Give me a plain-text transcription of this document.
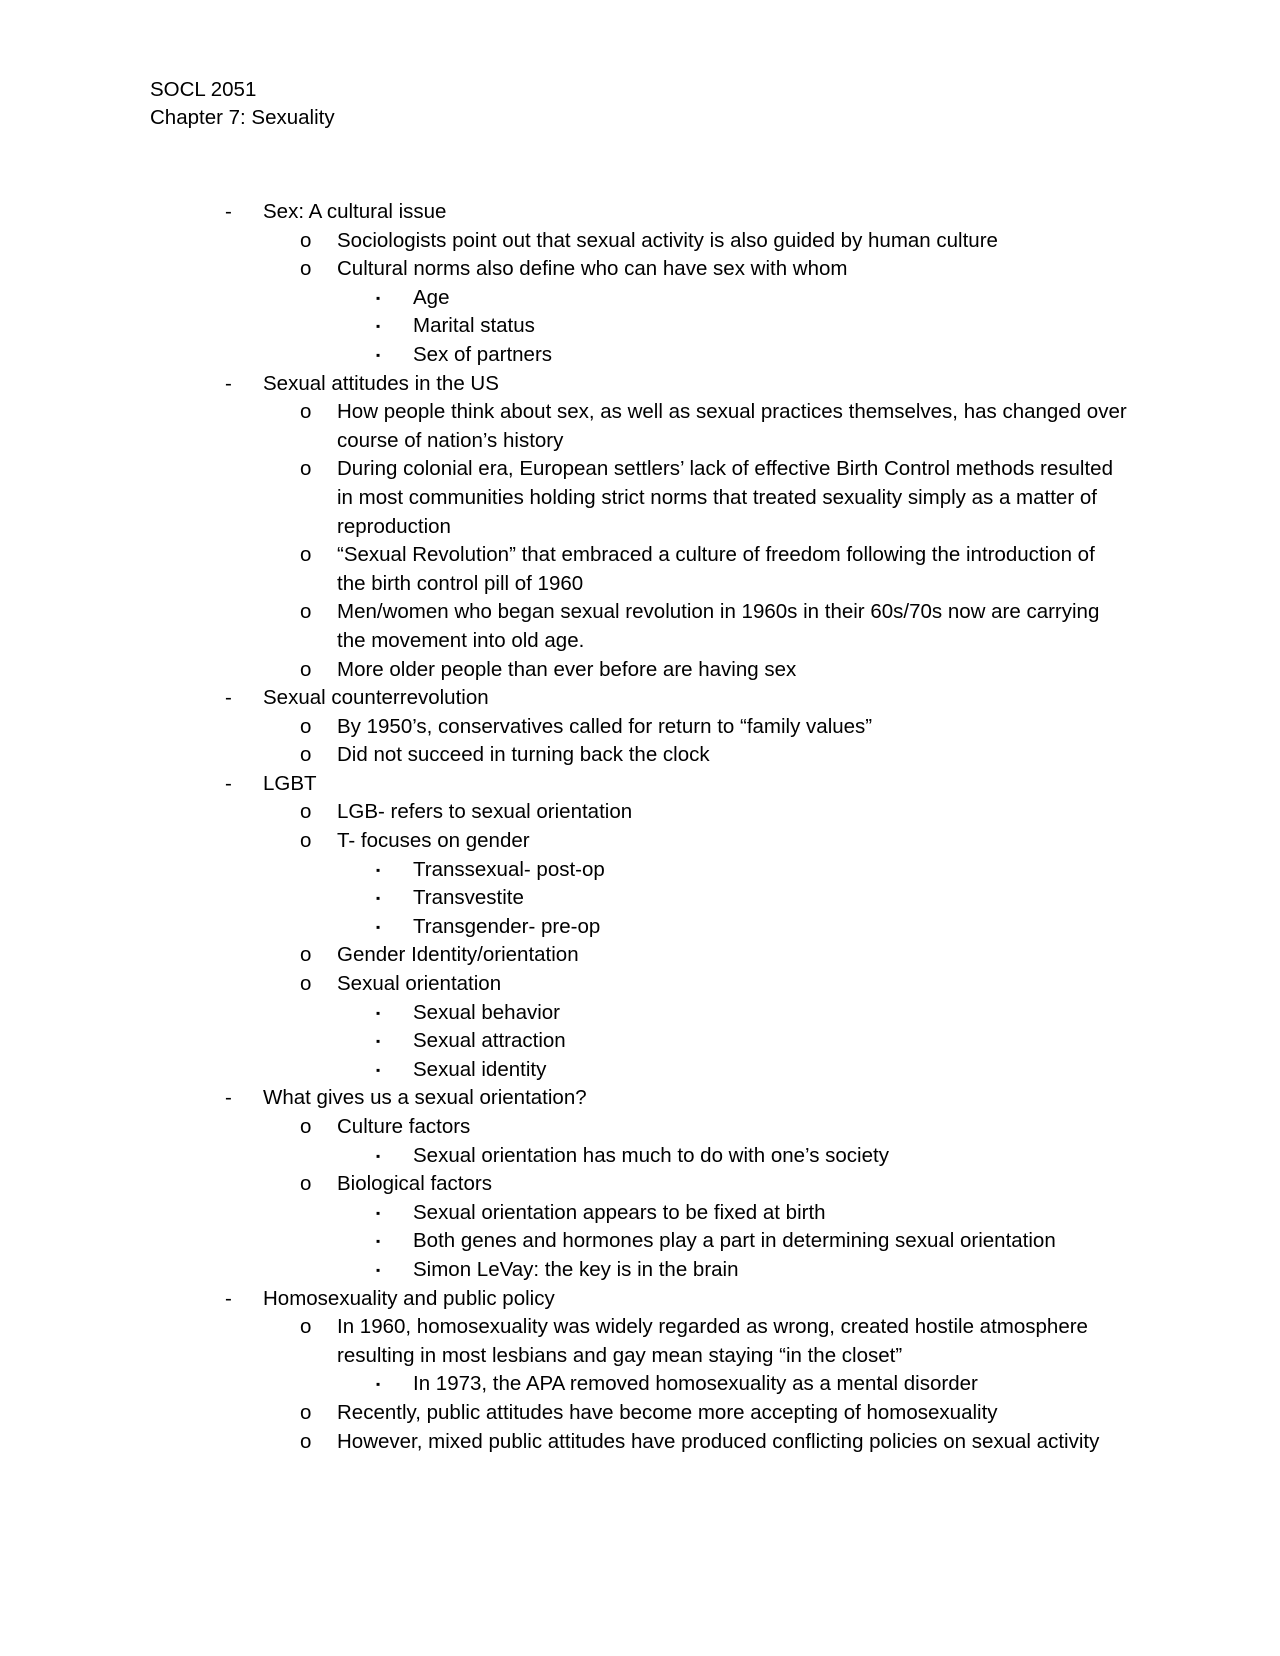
SOCL 2051
Chapter 7: Sexuality
- Sex: A cultural issue
o Sociologists point out that sexual activity is also guided by human culture
o Cultural norms also define who can have sex with whom
▪ Age
▪ Marital status
▪ Sex of partners
- Sexual attitudes in the US
o How people think about sex, as well as sexual practices themselves, has changed over course of nation’s history
o During colonial era, European settlers’ lack of effective Birth Control methods resulted in most communities holding strict norms that treated sexuality simply as a matter of reproduction
o “Sexual Revolution” that embraced a culture of freedom following the introduction of the birth control pill of 1960
o Men/women who began sexual revolution in 1960s in their 60s/70s now are carrying the movement into old age.
o More older people than ever before are having sex
- Sexual counterrevolution
o By 1950’s, conservatives called for return to “family values”
o Did not succeed in turning back the clock
- LGBT
o LGB- refers to sexual orientation
o T- focuses on gender
▪ Transsexual- post-op
▪ Transvestite
▪ Transgender- pre-op
o Gender Identity/orientation
o Sexual orientation
▪ Sexual behavior
▪ Sexual attraction
▪ Sexual identity
- What gives us a sexual orientation?
o Culture factors
▪ Sexual orientation has much to do with one’s society
o Biological factors
▪ Sexual orientation appears to be fixed at birth
▪ Both genes and hormones play a part in determining sexual orientation
▪ Simon LeVay: the key is in the brain
- Homosexuality and public policy
o In 1960, homosexuality was widely regarded as wrong, created hostile atmosphere resulting in most lesbians and gay mean staying “in the closet”
▪ In 1973, the APA removed homosexuality as a mental disorder
o Recently, public attitudes have become more accepting of homosexuality
o However, mixed public attitudes have produced conflicting policies on sexual activity
